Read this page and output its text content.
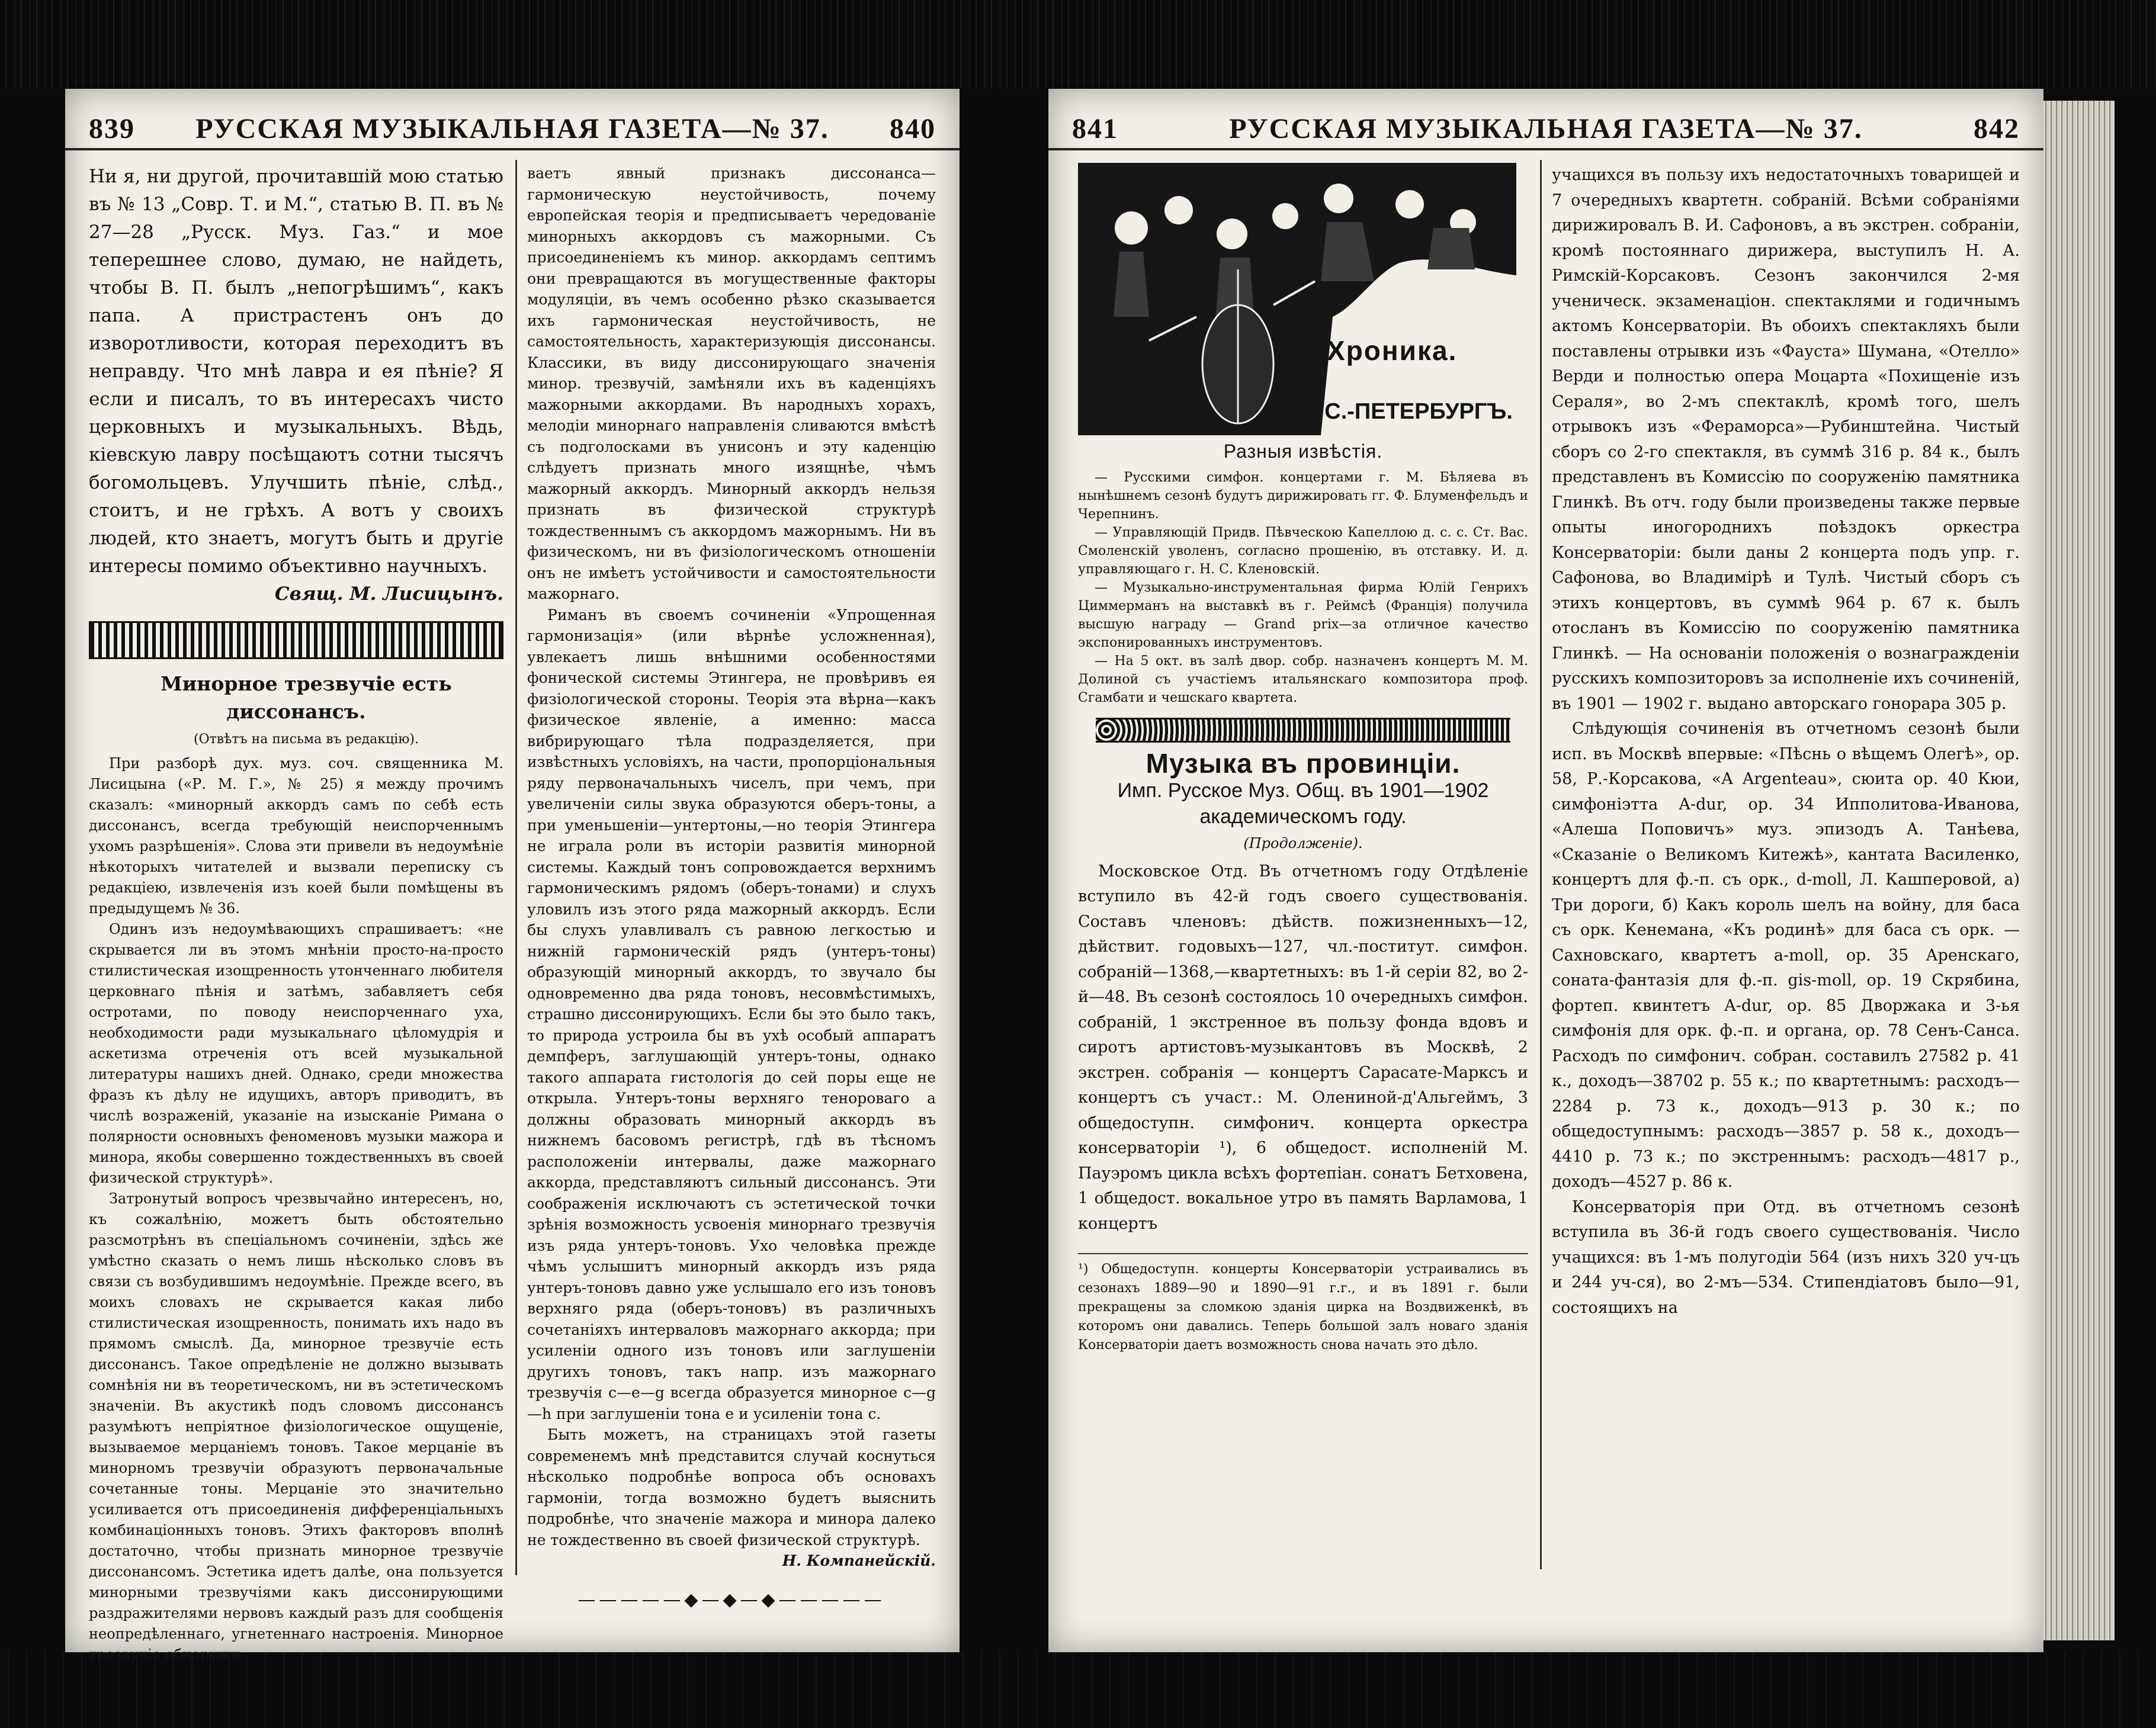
839	РУССКАЯ МУЗЫКАЛЬНАЯ ГАЗЕТА—№ 37.	840

Ни я, ни другой, прочитавшій мою статью въ № 13 „Совр. Т. и М.“, статью В. П. въ № 27—28 „Русск. Муз. Газ.“ и мое теперешнее слово, думаю, не найдеть, чтобы В. П. былъ „непогрѣшимъ“, какъ папа. А пристрастенъ онъ до изворотливости, которая переходитъ въ неправду. Что мнѣ лавра и ея пѣніе? Я если и писалъ, то въ интересахъ чисто церковныхъ и музыкальныхъ. Вѣдь, кіевскую лавру посѣщаютъ сотни тысячъ богомольцевъ. Улучшить пѣніе, слѣд., стоитъ, и не грѣхъ. А вотъ у своихъ людей, кто знаетъ, могутъ быть и другіе интересы помимо объективно научныхъ.

Свящ. М. Лисицынъ.

Минорное трезвучіе есть диссонансъ.

(Отвѣтъ на письма въ редакцію).

При разборѣ дух. муз. соч. священника М. Лисицына («Р. М. Г.», № 25) я между прочимъ сказалъ: «минорный аккордъ самъ по себѣ есть диссонансъ, всегда требующій неиспорченнымъ ухомъ разрѣшенія». Слова эти привели въ недоумѣніе нѣкоторыхъ читателей и вызвали переписку съ редакціею, извлеченія изъ коей были помѣщены въ предыдущемъ № 36.

Одинъ изъ недоумѣвающихъ спрашиваетъ: «не скрывается ли въ этомъ мнѣніи просто-на-просто стилистическая изощренность утонченнаго любителя церковнаго пѣнія и затѣмъ, забавляетъ себя остротами, по поводу неиспорченнаго уха, необходимости ради музыкальнаго цѣломудрія и аскетизма отреченія отъ всей музыкальной литературы нашихъ дней. Однако, среди множества фразъ къ дѣлу не идущихъ, авторъ приводитъ, въ числѣ возраженій, указаніе на изысканіе Римана о полярности основныхъ феноменовъ музыки мажора и минора, якобы совершенно тождественныхъ въ своей физической структурѣ».

Затронутый вопросъ чрезвычайно интересенъ, но, къ сожалѣнію, можетъ быть обстоятельно разсмотрѣнъ въ спеціальномъ сочиненіи, здѣсь же умѣстно сказать о немъ лишь нѣсколько словъ въ связи съ возбудившимъ недоумѣніе. Прежде всего, въ моихъ словахъ не скрывается какая либо стилистическая изощренность, понимать ихъ надо въ прямомъ смыслѣ. Да, минорное трезвучіе есть диссонансъ. Такое опредѣленіе не должно вызывать сомнѣнія ни въ теоретическомъ, ни въ эстетическомъ значеніи. Въ акустикѣ подъ словомъ диссонансъ разумѣютъ непріятное физіологическое ощущеніе, вызываемое мерцаніемъ тоновъ. Такое мерцаніе въ минорномъ трезвучіи образуютъ первоначальные сочетанные тоны. Мерцаніе это значительно усиливается отъ присоединенія дифференціальныхъ комбинаціонныхъ тоновъ. Этихъ факторовъ вполнѣ достаточно, чтобы признать минорное трезвучіе диссонансомъ. Эстетика идетъ далѣе, она пользуется минорными трезвучіями какъ диссонирующими раздражителями нервовъ каждый разъ для сообщенія неопредѣленнаго, угнетеннаго настроенія. Минорное трезвучіе обнаружи-

ваетъ явный признакъ диссонанса—гармоническую неустойчивость, почему европейская теорія и предписываетъ чередованіе минорныхъ аккордовъ съ мажорными. Съ присоединеніемъ къ минор. аккордамъ септимъ они превращаются въ могущественные факторы модуляціи, въ чемъ особенно рѣзко сказывается ихъ гармоническая неустойчивость, не самостоятельность, характеризующія диссонансы. Классики, въ виду диссонирующаго значенія минор. трезвучій, замѣняли ихъ въ каденціяхъ мажорными аккордами. Въ народныхъ хорахъ, мелодіи минорнаго направленія сливаются вмѣстѣ съ подголосками въ унисонъ и эту каденцію слѣдуетъ признать много изящнѣе, чѣмъ мажорный аккордъ. Минорный аккордъ нельзя признать въ физической структурѣ тождественнымъ съ аккордомъ мажорнымъ. Ни въ физическомъ, ни въ физіологическомъ отношеніи онъ не имѣетъ устойчивости и самостоятельности мажорнаго.

Риманъ въ своемъ сочиненіи «Упрощенная гармонизація» (или вѣрнѣе усложненная), увлекаетъ лишь внѣшними особенностями фонической системы Этингера, не провѣривъ ея физіологической стороны. Теорія эта вѣрна—какъ физическое явленіе, а именно: масса вибрирующаго тѣла подразделяется, при извѣстныхъ условіяхъ, на части, пропорціональныя ряду первоначальныхъ чиселъ, при чемъ, при увеличеніи силы звука образуются оберъ-тоны, а при уменьшеніи—унтертоны,—но теорія Этингера не играла роли въ исторіи развитія минорной системы. Каждый тонъ сопровождается верхнимъ гармоническимъ рядомъ (оберъ-тонами) и слухъ уловилъ изъ этого ряда мажорный аккордъ. Если бы слухъ улавливалъ съ равною легкостью и нижній гармоническій рядъ (унтеръ-тоны) образующій минорный аккордъ, то звучало бы одновременно два ряда тоновъ, несовмѣстимыхъ, страшно диссонирующихъ. Если бы это было такъ, то природа устроила бы въ ухѣ особый аппаратъ демпферъ, заглушающій унтеръ-тоны, однако такого аппарата гистологія до сей поры еще не открыла. Унтеръ-тоны верхняго теноровaго a должны образовать минорный аккордъ въ нижнемъ басовомъ регистрѣ, гдѣ въ тѣсномъ расположеніи интервалы, даже мажорнаго аккорда, представляютъ сильный диссонансъ. Эти соображенія исключаютъ съ эстетической точки зрѣнія возможность усвоенія минорнаго трезвучія изъ ряда унтеръ-тоновъ. Ухо человѣка прежде чѣмъ услышитъ минорный аккордъ изъ ряда унтеръ-тоновъ давно уже услышало его изъ тоновъ верхняго ряда (оберъ-тоновъ) въ различныхъ сочетаніяхъ интерваловъ мажорнаго аккорда; при усиленіи одного изъ тоновъ или заглушеніи другихъ тоновъ, такъ напр. изъ мажорнаго трезвучія c—e—g всегда образуется минорное c—g—h при заглушеніи тона e и усиленіи тона c.

Быть можетъ, на страницахъ этой газеты современемъ мнѣ представится случай коснуться нѣсколько подробнѣе вопроса объ основахъ гармоніи, тогда возможно будетъ выяснить подробнѣе, что значеніе мажора и минора далеко не тождественно въ своей физической структурѣ.

Н. Компанейскій.

—————◆—◆—◆—————
841	РУССКАЯ МУЗЫКАЛЬНАЯ ГАЗЕТА—№ 37.	842
Хроника.
С.-ПЕТЕРБУРГЪ.
Разныя извѣстія.

— Русскими симфон. концертами г. М. Бѣляева въ нынѣшнемъ сезонѣ будутъ дирижировать гг. Ф. Блуменфельдъ и Черепнинъ.

— Управляющій Придв. Пѣвческою Капеллою д. с. с. Ст. Вас. Смоленскій уволенъ, согласно прошенію, въ отставку. И. д. управляющаго г. Н. С. Кленовскій.

— Музыкально-инструментальная фирма Юлій Генрихъ Циммерманъ на выставкѣ въ г. Реймсѣ (Франція) получила высшую награду — Grand prix—за отличное качество экспонированныхъ инструментовъ.

— На 5 окт. въ залѣ двор. собр. назначенъ концертъ М. М. Долиной съ участіемъ итальянскаго композитора проф. Сгамбати и чешскаго квартета.

Музыка въ провинціи.
Имп. Русское Муз. Общ. въ 1901—1902 академическомъ году.
(Продолженіе).

Московское Отд. Въ отчетномъ году Отдѣленіе вступило въ 42-й годъ своего существованія. Составъ членовъ: дѣйств. пожизненныхъ—12, дѣйствит. годовыхъ—127, чл.-поститут. симфон. собраній—1368,—квартетныхъ: въ 1-й серіи 82, во 2-й—48. Въ сезонѣ состоялось 10 очередныхъ симфон. собраній, 1 экстренное въ пользу фонда вдовъ и сиротъ артистовъ-музыкантовъ въ Москвѣ, 2 экстрен. собранія — концертъ Сарасате-Марксъ и концертъ съ участ.: М. Олениной-д'Альгеймъ, 3 общедоступн. симфонич. концерта оркестра консерваторіи ¹), 6 общедост. исполненій М. Пауэромъ цикла всѣхъ фортепіан. сонатъ Бетховена, 1 общедост. вокальное утро въ память Варламова, 1 концертъ

¹) Общедоступн. концерты Консерваторіи устраивались въ сезонахъ 1889—90 и 1890—91 г.г., и въ 1891 г. были прекращены за сломкою зданія цирка на Воздвиженкѣ, въ которомъ они давались. Теперь большой залъ новаго зданія Консерваторіи даетъ возможность снова начать это дѣло.

учащихся въ пользу ихъ недостаточныхъ товарищей и 7 очередныхъ квартетн. собраній. Всѣми собраніями дирижировалъ В. И. Сафоновъ, а въ экстрен. собраніи, кромѣ постояннаго дирижера, выступилъ Н. А. Римскій-Корсаковъ. Сезонъ закончился 2-мя ученическ. экзаменаціон. спектаклями и годичнымъ актомъ Консерваторіи. Въ обоихъ спектакляхъ были поставлены отрывки изъ «Фауста» Шумана, «Отелло» Верди и полностью опера Моцарта «Похищеніе изъ Сераля», во 2-мъ спектаклѣ, кромѣ того, шелъ отрывокъ изъ «Фераморса»—Рубинштейна. Чистый сборъ со 2-го спектакля, въ суммѣ 316 р. 84 к., былъ представленъ въ Комиссію по сооруженію памятника Глинкѣ. Въ отч. году были произведены также первые опыты иногороднихъ поѣздокъ оркестра Консерваторіи: были даны 2 концерта подъ упр. г. Сафонова, во Владимірѣ и Тулѣ. Чистый сборъ съ этихъ концертовъ, въ суммѣ 964 р. 67 к. былъ отосланъ въ Комиссію по сооруженію памятника Глинкѣ. — На основаніи положенія о вознагражденіи русскихъ композиторовъ за исполненіе ихъ сочиненій, въ 1901 — 1902 г. выдано авторскаго гонорара 305 р.

Слѣдующія сочиненія въ отчетномъ сезонѣ были исп. въ Москвѣ впервые: «Пѣснь о вѣщемъ Олегѣ», ор. 58, Р.-Корсакова, «A Argenteau», сюита ор. 40 Кюи, симфоніэтта A-dur, ор. 34 Ипполитова-Иванова, «Алеша Поповичъ» муз. эпизодъ А. Танѣева, «Сказаніе о Великомъ Китежѣ», кантата Василенко, концертъ для ф.-п. съ орк., d-moll, Л. Кашперовой, а) Три дороги, б) Какъ король шелъ на войну, для баса съ орк. Кенемана, «Къ родинѣ» для баса съ орк. — Сахновскаго, квартетъ a-moll, ор. 35 Аренскаго, соната-фантазія для ф.-п. gis-moll, ор. 19 Скрябина, фортеп. квинтетъ A-dur, ор. 85 Дворжака и 3-ья симфонія для орк. ф.-п. и органа, ор. 78 Сенъ-Санса. Расходъ по симфонич. собран. составилъ 27582 р. 41 к., доходъ—38702 р. 55 к.; по квартетнымъ: расходъ—2284 р. 73 к., доходъ—913 р. 30 к.; по общедоступнымъ: расходъ—3857 р. 58 к., доходъ—4410 р. 73 к.; по экстреннымъ: расходъ—4817 р., доходъ—4527 р. 86 к.

Консерваторія при Отд. въ отчетномъ сезонѣ вступила въ 36-й годъ своего существованія. Число учащихся: въ 1-мъ полугодіи 564 (изъ нихъ 320 уч-цъ и 244 уч-ся), во 2-мъ—534. Стипендіатовъ было—91, состоящихъ на
